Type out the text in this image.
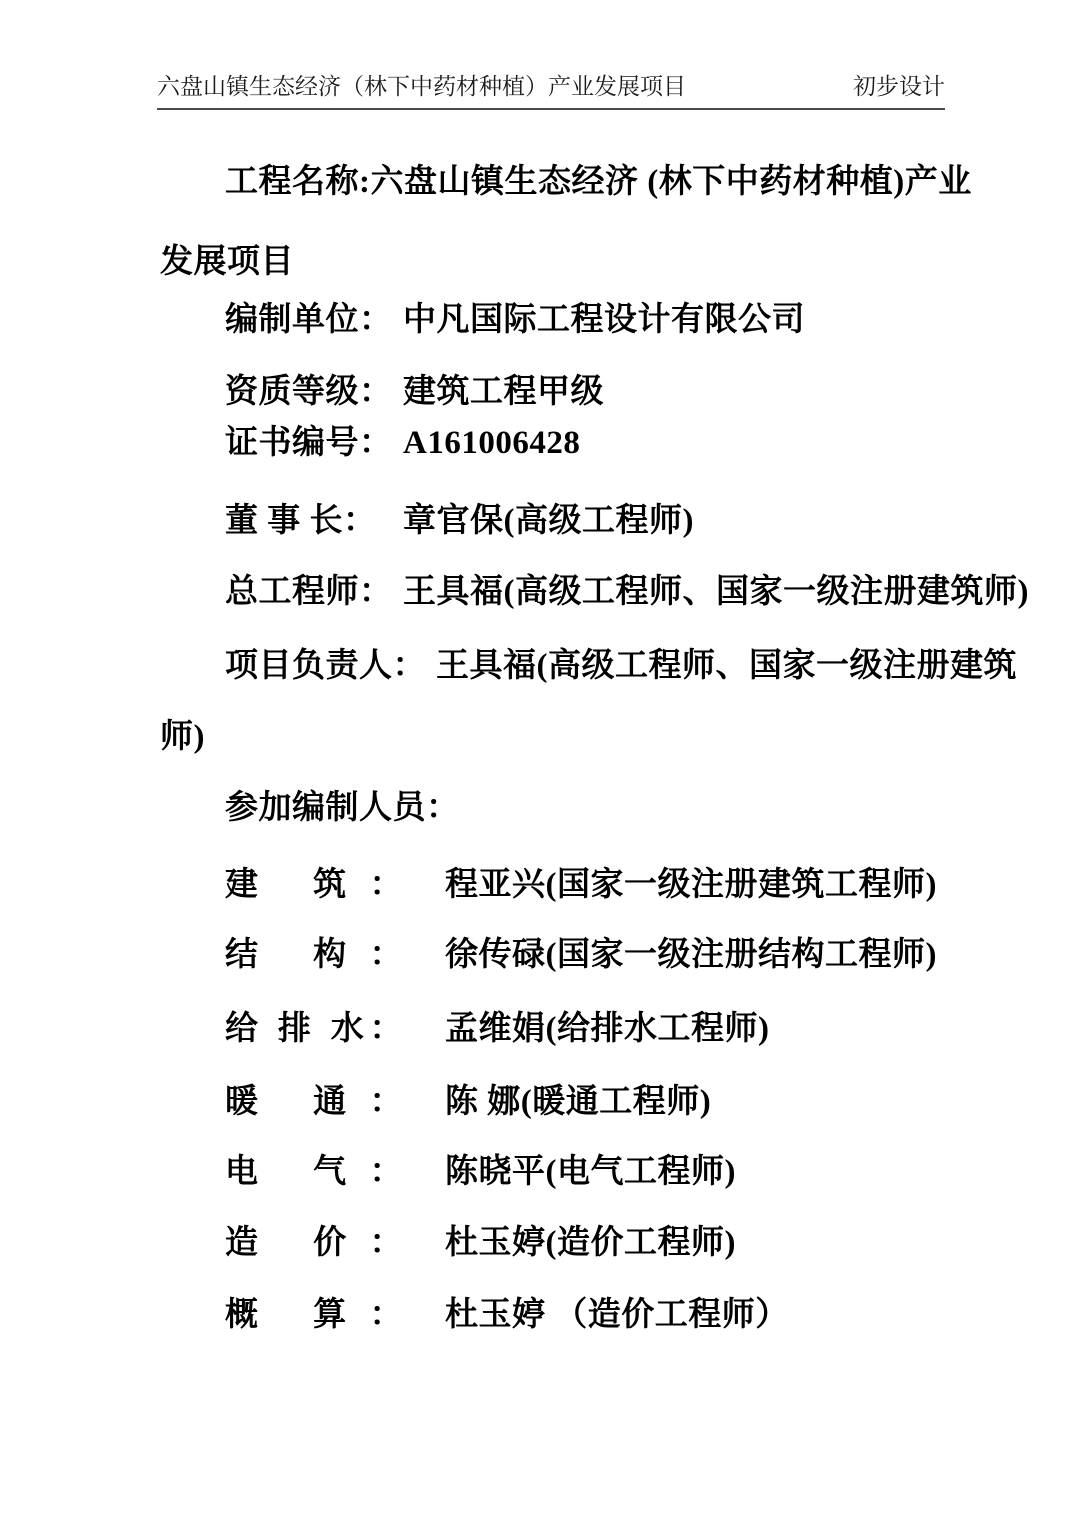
六盘山镇生态经济（林下中药材种植）产业发展项目	初步设计
工程名称:六盘山镇生态经济 (林下中药材种植)产业
发展项目
编制单位： 中凡国际工程设计有限公司
资质等级： 建筑工程甲级
证书编号： A161006428
董 事 长： 章官保(高级工程师)
总工程师： 王具福(高级工程师、国家一级注册建筑师)
项目负责人： 王具福(高级工程师、国家一级注册建筑
师)
参加编制人员：
建 筑： 程亚兴(国家一级注册建筑工程师)
结 构： 徐传碌(国家一级注册结构工程师)
给 排 水： 孟维娟(给排水工程师)
暖 通： 陈 娜(暖通工程师)
电 气： 陈晓平(电气工程师)
造 价： 杜玉婷(造价工程师)
概 算： 杜玉婷 （造价工程师）
